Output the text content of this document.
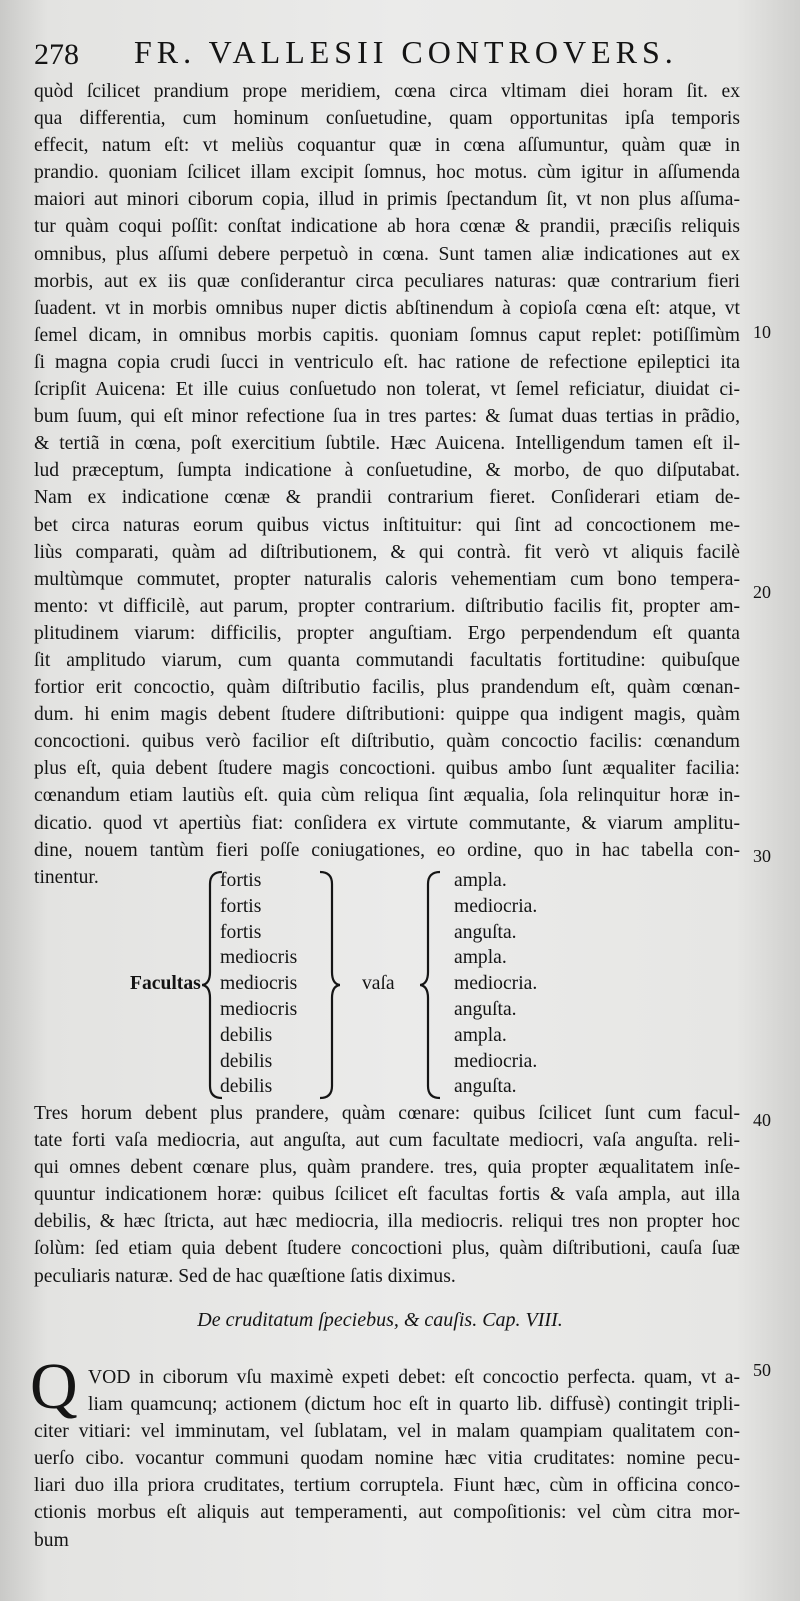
278 FR. VALLESII CONTROVERS.
quòd ſcilicet prandium prope meridiem, cœna circa vltimam diei horam ſit. ex
qua differentia, cum hominum conſuetudine, quam opportunitas ipſa temporis
effecit, natum eſt: vt meliùs coquantur quæ in cœna aſſumuntur, quàm quæ in
prandio. quoniam ſcilicet illam excipit ſomnus, hoc motus. cùm igitur in aſſumenda
maiori aut minori ciborum copia, illud in primis ſpectandum ſit, vt non plus aſſuma-
tur quàm coqui poſſit: conſtat indicatione ab hora cœnæ & prandii, præciſis reliquis
omnibus, plus aſſumi debere perpetuò in cœna. Sunt tamen aliæ indicationes aut ex
morbis, aut ex iis quæ conſiderantur circa peculiares naturas: quæ contrarium fieri
ſuadent. vt in morbis omnibus nuper dictis abſtinendum à copioſa cœna eſt: atque, vt
ſemel dicam, in omnibus morbis capitis. quoniam ſomnus caput replet: potiſſimùm
ſi magna copia crudi ſucci in ventriculo eſt. hac ratione de refectione epileptici ita
ſcripſit Auicena: Et ille cuius conſuetudo non tolerat, vt ſemel reficiatur, diuidat ci-
bum ſuum, qui eſt minor refectione ſua in tres partes: & ſumat duas tertias in prãdio,
& tertiã in cœna, poſt exercitium ſubtile. Hæc Auicena. Intelligendum tamen eſt il-
lud præceptum, ſumpta indicatione à conſuetudine, & morbo, de quo diſputabat.
Nam ex indicatione cœnæ & prandii contrarium fieret. Conſiderari etiam de-
bet circa naturas eorum quibus victus inſtituitur: qui ſint ad concoctionem me-
liùs comparati, quàm ad diſtributionem, & qui contrà. fit verò vt aliquis facilè
multùmque commutet, propter naturalis caloris vehementiam cum bono tempera-
mento: vt difficilè, aut parum, propter contrarium. diſtributio facilis fit, propter am-
plitudinem viarum: difficilis, propter anguſtiam. Ergo perpendendum eſt quanta
ſit amplitudo viarum, cum quanta commutandi facultatis fortitudine: quibuſque
fortior erit concoctio, quàm diſtributio facilis, plus prandendum eſt, quàm cœnan-
dum. hi enim magis debent ſtudere diſtributioni: quippe qua indigent magis, quàm
concoctioni. quibus verò facilior eſt diſtributio, quàm concoctio facilis: cœnandum
plus eſt, quia debent ſtudere magis concoctioni. quibus ambo ſunt æqualiter facilia:
cœnandum etiam lautiùs eſt. quia cùm reliqua ſint æqualia, ſola relinquitur horæ in-
dicatio. quod vt apertiùs fiat: conſidera ex virtute commutante, & viarum amplitu-
dine, nouem tantùm fieri poſſe coniugationes, eo ordine, quo in hac tabella con-
tinentur.
10
20
30
40
50
Facultas
fortis
fortis
fortis
mediocris
mediocris
mediocris
debilis
debilis
debilis
vaſa
ampla.
mediocria.
anguſta.
ampla.
mediocria.
anguſta.
ampla.
mediocria.
anguſta.
Tres horum debent plus prandere, quàm cœnare: quibus ſcilicet ſunt cum facul-
tate forti vaſa mediocria, aut anguſta, aut cum facultate mediocri, vaſa anguſta. reli-
qui omnes debent cœnare plus, quàm prandere. tres, quia propter æqualitatem inſe-
quuntur indicationem horæ: quibus ſcilicet eſt facultas fortis & vaſa ampla, aut illa
debilis, & hæc ſtricta, aut hæc mediocria, illa mediocris. reliqui tres non propter hoc
ſolùm: ſed etiam quia debent ſtudere concoctioni plus, quàm diſtributioni, cauſa ſuæ
peculiaris naturæ. Sed de hac quæſtione ſatis diximus.
De cruditatum ſpeciebus, & cauſis. Cap. VIII.
Q VOD in ciborum vſu maximè expeti debet: eſt concoctio perfecta. quam, vt a-
liam quamcunq; actionem (dictum hoc eſt in quarto lib. diffusè) contingit tripli-
citer vitiari: vel imminutam, vel ſublatam, vel in malam quampiam qualitatem con-
uerſo cibo. vocantur communi quodam nomine hæc vitia cruditates: nomine pecu-
liari duo illa priora cruditates, tertium corruptela. Fiunt hæc, cùm in officina conco-
ctionis morbus eſt aliquis aut temperamenti, aut compoſitionis: vel cùm citra mor-
bum
